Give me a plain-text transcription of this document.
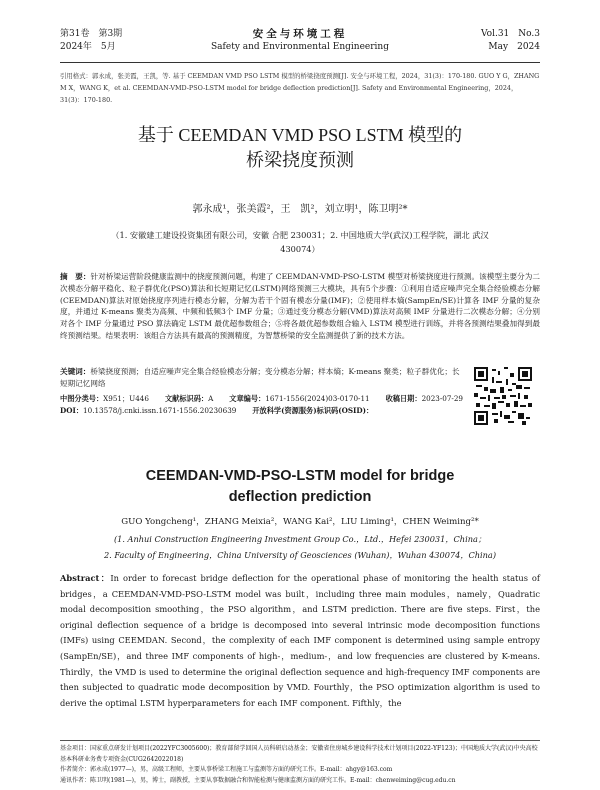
第31卷　第3期
2024年　5月
安全与环境工程
Safety and Environmental Engineering
Vol.31　No.3
May　2024
引用格式：郭永成，张美霞，王凯，等. 基于 CEEMDAN VMD PSO LSTM 模型的桥梁挠度预测[J]. 安全与环境工程，2024，31(3)：170-180. GUO Y G，ZHANG M X，WANG K，et al. CEEMDAN-VMD-PSO-LSTM model for bridge deflection prediction[J]. Safety and Environmental Engineering，2024，31(3)：170-180.
基于 CEEMDAN VMD PSO LSTM 模型的
桥梁挠度预测
郭永成¹，张美霞²，王　凯²，刘立明¹，陈卫明²*
（1. 安徽建工建设投资集团有限公司，安徽 合肥 230031；2. 中国地质大学(武汉)工程学院，湖北 武汉 430074）
摘　要：针对桥梁运营阶段健康监测中的挠度预测问题，构建了 CEEMDAN-VMD-PSO-LSTM 模型对桥梁挠度进行预测。该模型主要分为二次模态分解平稳化、粒子群优化(PSO)算法和长短期记忆(LSTM)网络预测三大模块，具有5个步骤：①利用自适应噪声完全集合经验模态分解(CEEMDAN)算法对原始挠度序列进行模态分解，分解为若干个固有模态分量(IMF)；②使用样本熵(SampEn/SE)计算各 IMF 分量的复杂度，并通过 K-means 聚类为高频、中频和低频3个 IMF 分量；③通过变分模态分解(VMD)算法对高频 IMF 分量进行二次模态分解；④分别对各个 IMF 分量通过 PSO 算法确定 LSTM 最优超参数组合；⑤将各最优超参数组合输入 LSTM 模型进行训练，并将各预测结果叠加得到最终预测结果。结果表明：该组合方法具有最高的预测精度，为智慧桥梁的安全监测提供了新的技术方法。
关键词：桥梁挠度预测；自适应噪声完全集合经验模态分解；变分模态分解；样本熵；K-means 聚类；粒子群优化；长短期记忆网络
中图分类号：X951；U446 文献标识码：A 文章编号：1671-1556(2024)03-0170-11 收稿日期：2023-07-29
DOI：10.13578/j.cnki.issn.1671-1556.20230639 开放科学(资源服务)标识码(OSID)：
CEEMDAN-VMD-PSO-LSTM model for bridge
deflection prediction
GUO Yongcheng¹，ZHANG Meixia²，WANG Kai²，LIU Liming¹，CHEN Weiming²*
(1. Anhui Construction Engineering Investment Group Co.，Ltd.，Hefei 230031，China；
2. Faculty of Engineering，China University of Geosciences (Wuhan)，Wuhan 430074，China)
Abstract：In order to forecast bridge deflection for the operational phase of monitoring the health status of bridges，a CEEMDAN-VMD-PSO-LSTM model was built，including three main modules，namely，Quadratic modal decomposition smoothing，the PSO algorithm，and LSTM prediction. There are five steps. First，the original deflection sequence of a bridge is decomposed into several intrinsic mode decomposition functions (IMFs) using CEEMDAN. Second，the complexity of each IMF component is determined using sample entropy (SampEn/SE)，and three IMF components of high-，medium-，and low frequencies are clustered by K-means. Thirdly，the VMD is used to determine the original deflection sequence and high-frequency IMF components are then subjected to quadratic mode decomposition by VMD. Fourthly，the PSO optimization algorithm is used to derive the optimal LSTM hyperparameters for each IMF component. Fifthly，the
基金项目：国家重点研发计划项目(2022YFC3005600)；教育部留学回国人员科研启动基金；安徽省住房城乡建设科学技术计划项目(2022-YF123)；中国地质大学(武汉)中央高校基本科研业务费专项资金(CUG2642022018)
作者简介：郭永成(1977—)，男，高级工程师，主要从事桥梁工程施工与监测等方面的研究工作。E-mail：ahgy@163.com
通讯作者：陈卫明(1981—)，男，博士，副教授，主要从事数据融合和智能检测与健康监测方面的研究工作。E-mail：chenweiming@cug.edu.cn
